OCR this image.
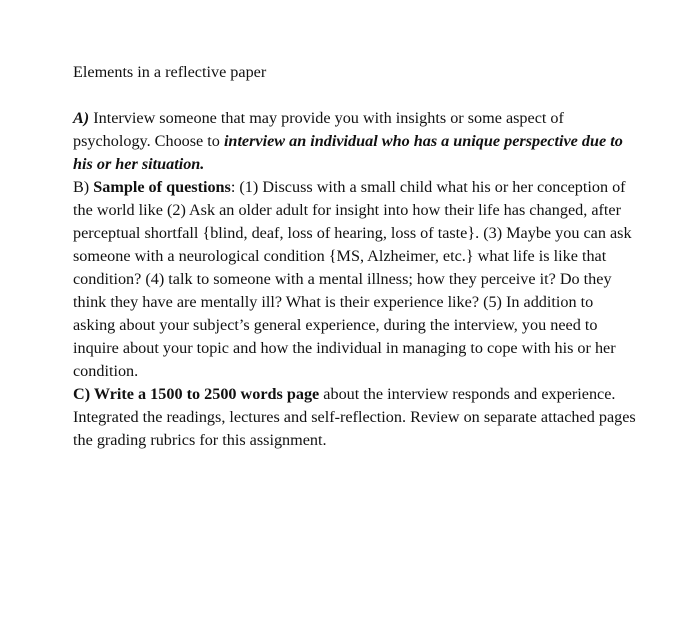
Elements in a reflective paper

A) Interview someone that may provide you with insights or some aspect of psychology. Choose to interview an individual who has a unique perspective due to his or her situation.

B) Sample of questions: (1) Discuss with a small child what his or her conception of the world like (2) Ask an older adult for insight into how their life has changed, after perceptual shortfall {blind, deaf, loss of hearing, loss of taste}. (3) Maybe you can ask someone with a neurological condition {MS, Alzheimer, etc.} what life is like that condition? (4) talk to someone with a mental illness; how they perceive it? Do they think they have are mentally ill? What is their experience like? (5) In addition to asking about your subject’s general experience, during the interview, you need to inquire about your topic and how the individual in managing to cope with his or her condition.

C) Write a 1500 to 2500 words page about the interview responds and experience. Integrated the readings, lectures and self-reflection. Review on separate attached pages the grading rubrics for this assignment.
